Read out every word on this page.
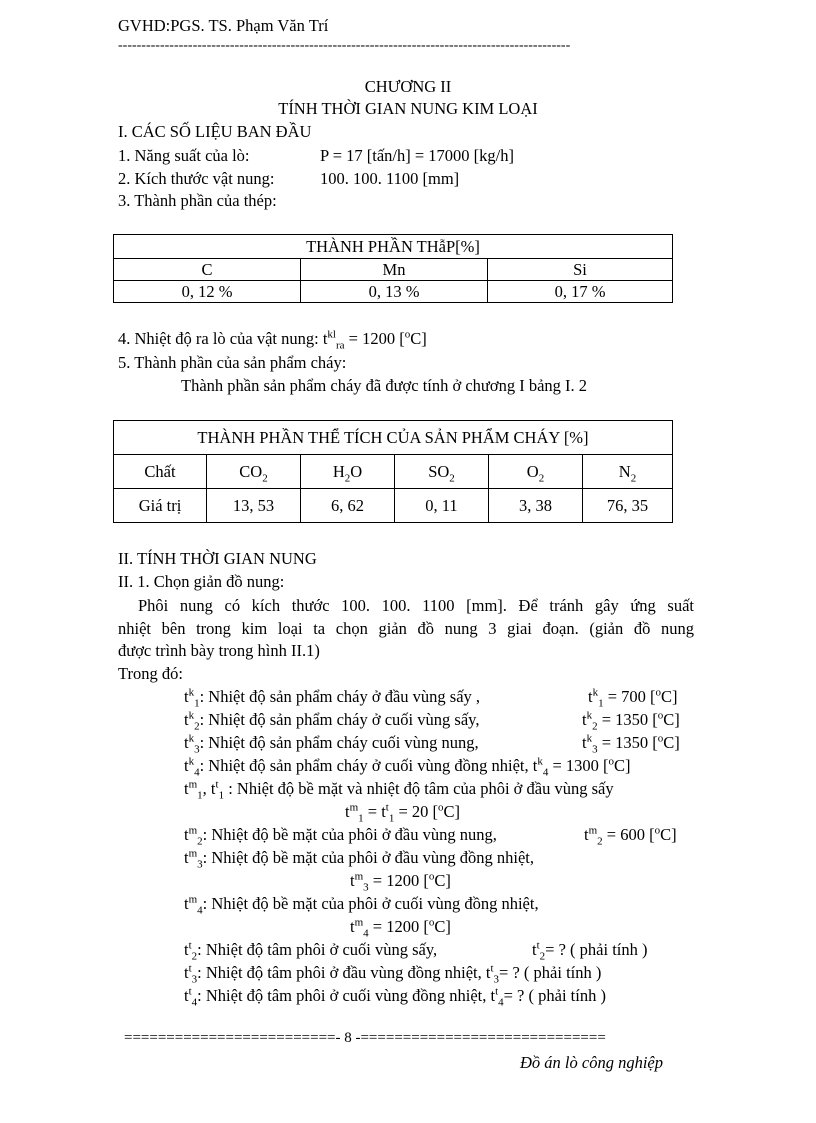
GVHD:PGS. TS. Phạm Văn Trí
-------------------------------------------------------------------------------------------------
CHƯƠNG II
TÍNH THỜI GIAN NUNG KIM LOẠI
I. CÁC SỐ LIỆU BAN ĐẦU
1. Năng suất của lò:	P = 17 [tấn/h] = 17000 [kg/h]
2. Kích thước vật nung:	100. 100. 1100 [mm]
3. Thành phần của thép:
THÀNH PHẦN THẫP[%]		
C	Mn	Si
0, 12 %	0, 13 %	0, 17 %
4. Nhiệt độ ra lò của vật nung: $t^{kl}_{ra} = 1200$ [$^o$C]
5. Thành phần của sản phẩm cháy:
Thành phần sản phẩm cháy đã được tính ở chương I bảng I. 2
THÀNH PHẦN THỂ TÍCH CỦA SẢN PHẨM CHÁY [%]					
Chất	$CO_2$	$H_2O$	$SO_2$	$O_2$	$N_2$
Giá trị	13, 53	6, 62	0, 11	3, 38	76, 35
II. TÍNH THỜI GIAN NUNG
II. 1. Chọn giản đồ nung:
Phôi nung có kích thước 100. 100. 1100 [mm]. Để tránh gây ứng suất
nhiệt bên trong kim loại ta chọn giản đồ nung 3 giai đoạn. (giản đồ nung
được trình bày trong hình II.1)
Trong đó:
$t^k_1$: Nhiệt độ sản phẩm cháy ở đầu vùng sấy ,	$t^k_1 = 700$ [$^o$C]
$t^k_2$: Nhiệt độ sản phẩm cháy ở cuối vùng sấy,	$t^k_2 = 1350$ [$^o$C]
$t^k_3$: Nhiệt độ sản phẩm cháy cuối vùng nung,	$t^k_3 = 1350$ [$^o$C]
$t^k_4$: Nhiệt độ sản phẩm cháy ở cuối vùng đồng nhiệt, $t^k_4 = 1300$ [$^o$C]
$t^m_1$, $t^t_1$ : Nhiệt độ bề mặt và nhiệt độ tâm của phôi ở đầu vùng sấy
$t^m_1 = t^t_1 = 20$ [$^o$C]
$t^m_2$: Nhiệt độ bề mặt của phôi ở đầu vùng nung,	$t^m_2 = 600$ [$^o$C]
$t^m_3$: Nhiệt độ bề mặt của phôi ở đầu vùng đồng nhiệt,
$t^m_3 = 1200$ [$^o$C]
$t^m_4$: Nhiệt độ bề mặt của phôi ở cuối vùng đồng nhiệt,
$t^m_4 = 1200$ [$^o$C]
$t^t_2$: Nhiệt độ tâm phôi ở cuối vùng sấy,	$t^t_2=$ ? ( phải tính )
$t^t_3$: Nhiệt độ tâm phôi ở đầu vùng đồng nhiệt, $t^t_3=$ ? ( phải tính )
$t^t_4$: Nhiệt độ tâm phôi ở cuối vùng đồng nhiệt, $t^t_4=$ ? ( phải tính )
=========================- 8 -=============================
Đồ án lò công nghiệp
